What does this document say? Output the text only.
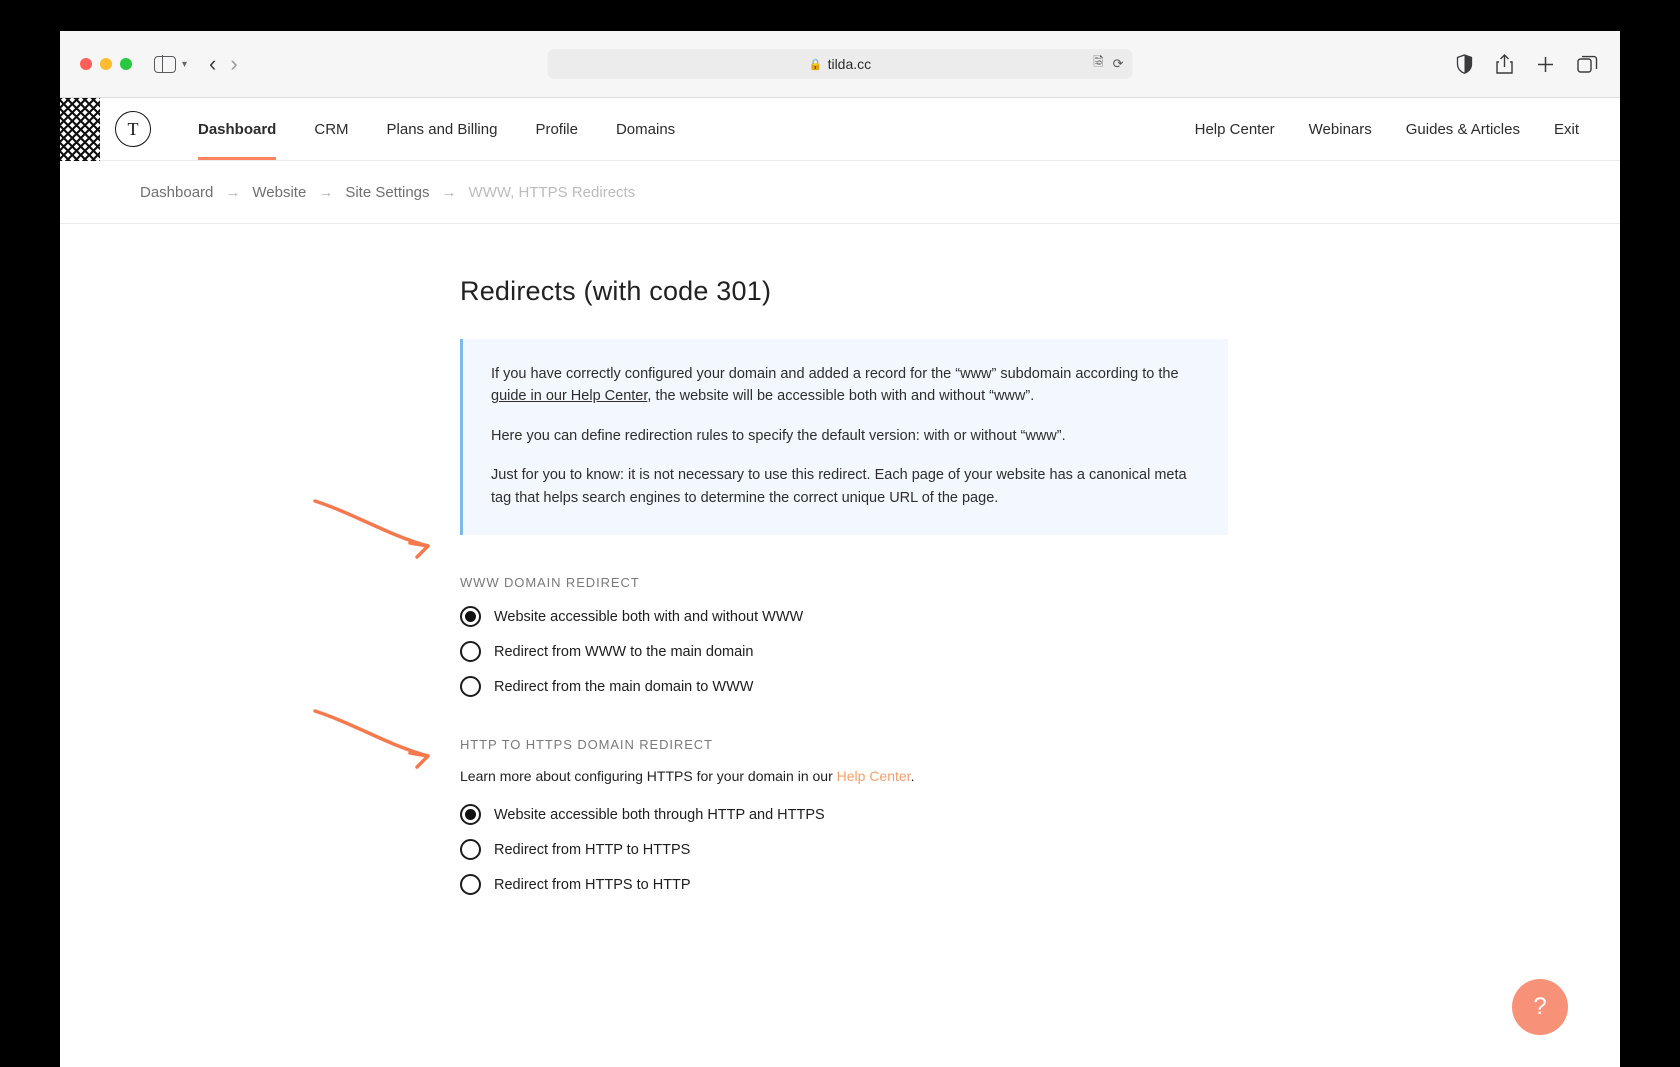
▾ ‹ ›	🔒 tilda.cc	🗟 ⟳
T	Dashboard	CRM	Plans and Billing	Profile	Domains	Help Center	Webinars	Guides & Articles	Exit
Dashboard → Website → Site Settings → WWW, HTTPS Redirects
Redirects (with code 301)

If you have correctly configured your domain and added a record for the “www” subdomain according to the guide in our Help Center, the website will be accessible both with and without “www”.

Here you can define redirection rules to specify the default version: with or without “www”.

Just for you to know: it is not necessary to use this redirect. Each page of your website has a canonical meta tag that helps search engines to determine the correct unique URL of the page.

WWW DOMAIN REDIRECT
Website accessible both with and without WWW
Redirect from WWW to the main domain
Redirect from the main domain to WWW
HTTP TO HTTPS DOMAIN REDIRECT
Learn more about configuring HTTPS for your domain in our Help Center.
Website accessible both through HTTP and HTTPS
Redirect from HTTP to HTTPS
Redirect from HTTPS to HTTP
?
